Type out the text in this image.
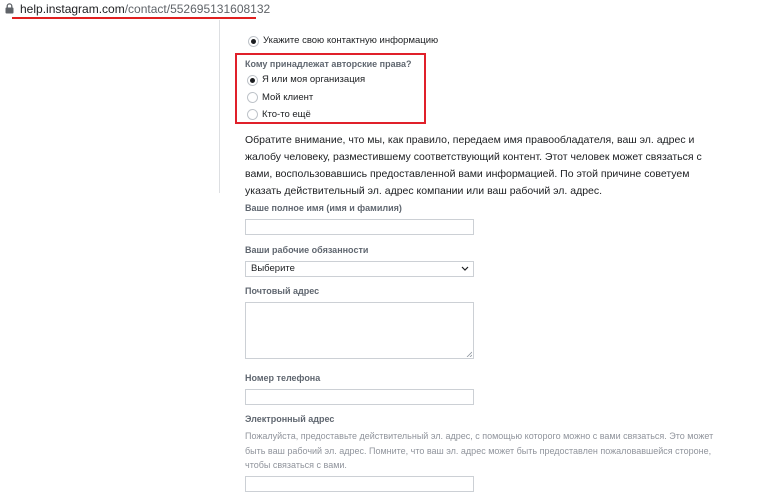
help.instagram.com/contact/552695131608132
Укажите свою контактную информацию
Кому принадлежат авторские права?
Я или моя организация
Мой клиент
Кто-то ещё

Обратите внимание, что мы, как правило, передаем имя правообладателя, ваш эл. адрес и жалобу человеку, разместившему соответствующий контент. Этот человек может связаться с вами, воспользовавшись предоставленной вами информацией. По этой причине советуем указать действительный эл. адрес компании или ваш рабочий эл. адрес.

Ваше полное имя (имя и фамилия)
Ваши рабочие обязанности
Выберите
Почтовый адрес
Номер телефона
Электронный адрес

Пожалуйста, предоставьте действительный эл. адрес, с помощью которого можно с вами связаться. Это может быть ваш рабочий эл. адрес. Помните, что ваш эл. адрес может быть предоставлен пожаловавшейся стороне, чтобы связаться с вами.
